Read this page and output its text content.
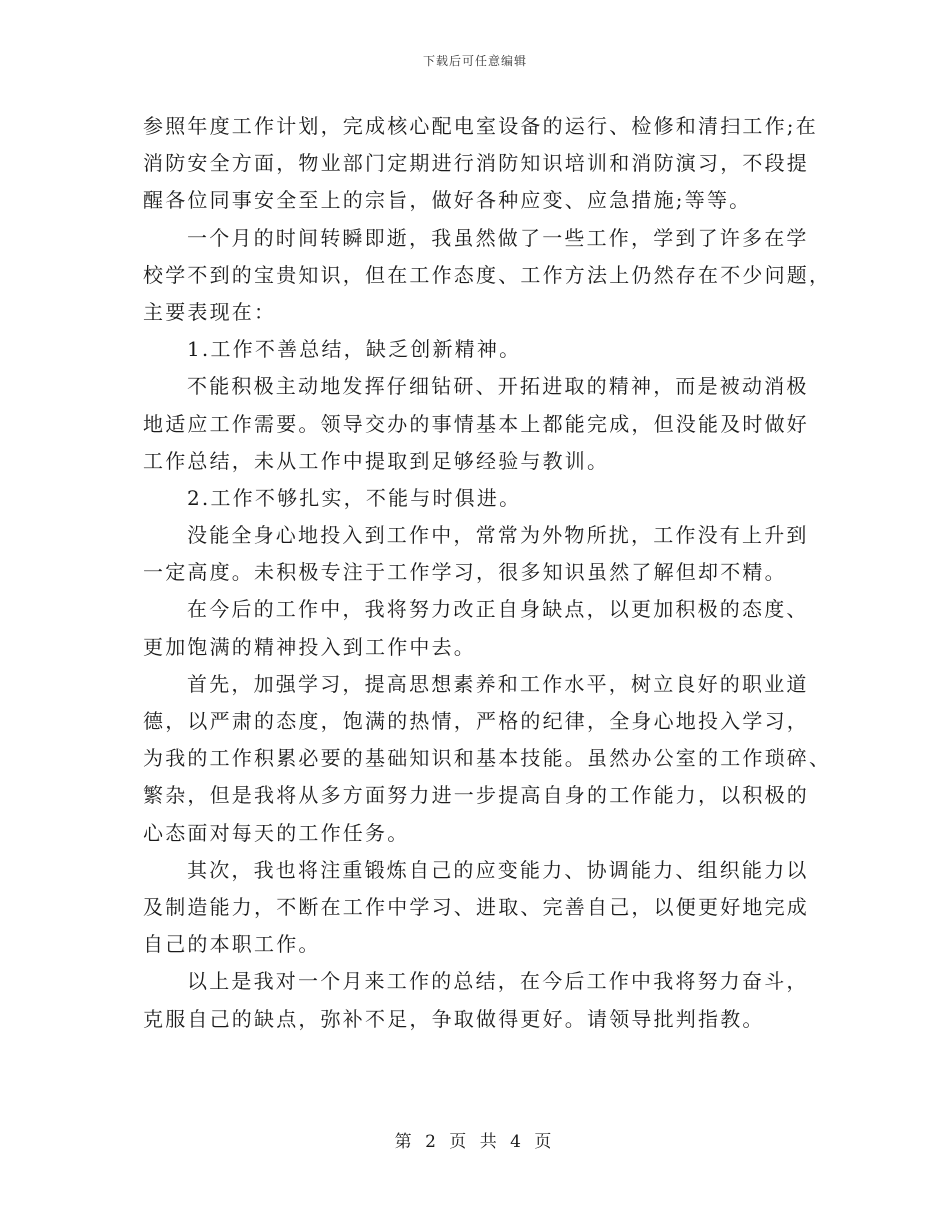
下载后可任意编辑
参照年度工作计划，完成核心配电室设备的运行、检修和清扫工作;在
消防安全方面，物业部门定期进行消防知识培训和消防演习，不段提
醒各位同事安全至上的宗旨，做好各种应变、应急措施;等等。
一个月的时间转瞬即逝，我虽然做了一些工作，学到了许多在学
校学不到的宝贵知识，但在工作态度、工作方法上仍然存在不少问题，
主要表现在：
1.工作不善总结，缺乏创新精神。
不能积极主动地发挥仔细钻研、开拓进取的精神，而是被动消极
地适应工作需要。领导交办的事情基本上都能完成，但没能及时做好
工作总结，未从工作中提取到足够经验与教训。
2.工作不够扎实，不能与时俱进。
没能全身心地投入到工作中，常常为外物所扰，工作没有上升到
一定高度。未积极专注于工作学习，很多知识虽然了解但却不精。
在今后的工作中，我将努力改正自身缺点，以更加积极的态度、
更加饱满的精神投入到工作中去。
首先，加强学习，提高思想素养和工作水平，树立良好的职业道
德，以严肃的态度，饱满的热情，严格的纪律，全身心地投入学习，
为我的工作积累必要的基础知识和基本技能。虽然办公室的工作琐碎、
繁杂，但是我将从多方面努力进一步提高自身的工作能力，以积极的
心态面对每天的工作任务。
其次，我也将注重锻炼自己的应变能力、协调能力、组织能力以
及制造能力，不断在工作中学习、进取、完善自己，以便更好地完成
自己的本职工作。
以上是我对一个月来工作的总结，在今后工作中我将努力奋斗，
克服自己的缺点，弥补不足，争取做得更好。请领导批判指教。
第 2 页 共 4 页
